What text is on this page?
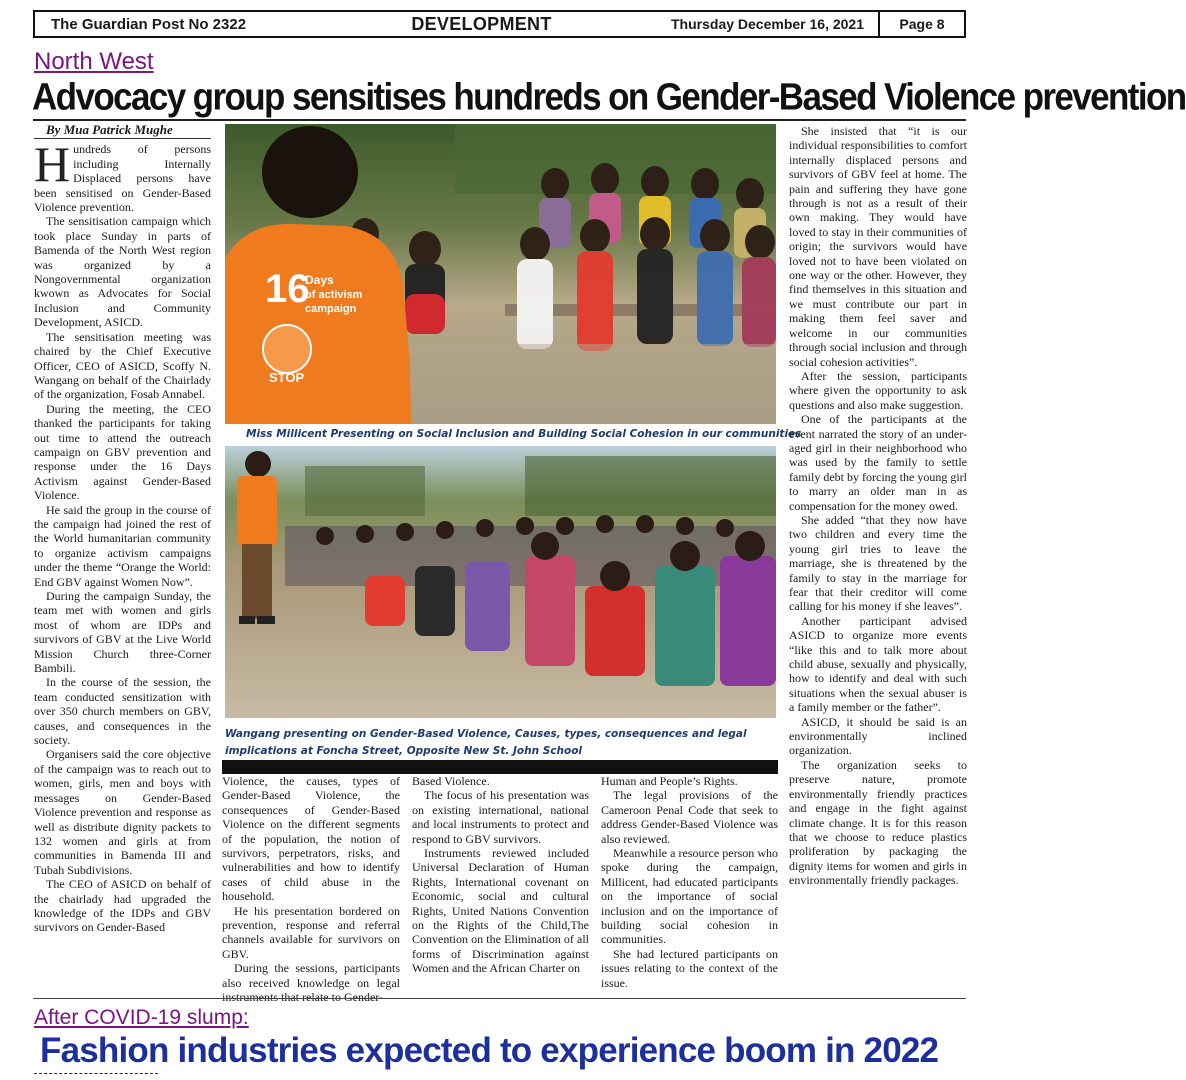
The Guardian Post No 2322	DEVELOPMENT	Thursday December 16, 2021	Page 8
North West
Advocacy group sensitises hundreds on Gender-Based Violence prevention

By Mua Patrick Mughe

Hundreds of persons including Internally Displaced persons have been sensitised on Gender-Based Violence prevention.

The sensitisation campaign which took place Sunday in parts of Bamenda of the North West region was organized by a Nongovernmental organization kwown as Advocates for Social Inclusion and Community Development, ASICD.

The sensitisation meeting was chaired by the Chief Executive Officer, CEO of ASICD, Scoffy N. Wangang on behalf of the Chairlady of the organization, Fosab Annabel.

During the meeting, the CEO thanked the participants for taking out time to attend the outreach campaign on GBV prevention and response under the 16 Days Activism against Gender-Based Violence.

He said the group in the course of the campaign had joined the rest of the World humanitarian community to organize activism campaigns under the theme “Orange the World: End GBV against Women Now”.

During the campaign Sunday, the team met with women and girls most of whom are IDPs and survivors of GBV at the Live World Mission Church three-Corner Bambili.

In the course of the session, the team conducted sensitization with over 350 church members on GBV, causes, and consequences in the society.

Organisers said the core objective of the campaign was to reach out to women, girls, men and boys with messages on Gender-Based Violence prevention and response as well as distribute dignity packets to 132 women and girls at from communities in Bamenda III and Tubah Subdivisions.

The CEO of ASICD on behalf of the chairlady had upgraded the knowledge of the IDPs and GBV survivors on Gender-Based

16
Days
of activism
campaign
STOP
Miss Millicent Presenting on Social Inclusion and Building Social Cohesion in our communities
Wangang presenting on Gender-Based Violence, Causes, types, consequences and legal
implications at Foncha Street, Opposite New St. John School

Violence, the causes, types of Gender-Based Violence, the consequences of Gender-Based Violence on the different segments of the population, the notion of survivors, perpetrators, risks, and vulnerabilities and how to identify cases of child abuse in the household.

He his presentation bordered on prevention, response and referral channels available for survivors on GBV.

During the sessions, participants also received knowledge on legal

Based Violence.

The focus of his presentation was on existing international, national and local instruments to protect and respond to GBV survivors.

Instruments reviewed included Universal Declaration of Human Rights, International covenant on Economic, social and cultural Rights, United Nations Convention on the Rights of the Child,The Convention on the Elimination of all forms of Discrimination against Women and the African Charter on

Human and People’s Rights.

The legal provisions of the Cameroon Penal Code that seek to address Gender-Based Violence was also reviewed.

Meanwhile a resource person who spoke during the campaign, Millicent, had educated participants on the importance of social inclusion and on the importance of building social cohesion in communities.

She had lectured participants on issues relating to the context of the issue.

She insisted that “it is our individual responsibilities to comfort internally displaced persons and survivors of GBV feel at home. The pain and suffering they have gone through is not as a result of their own making. They would have loved to stay in their communities of origin; the survivors would have loved not to have been violated on one way or the other. However, they find themselves in this situation and we must contribute our part in making them feel saver and welcome in our communities through social inclusion and through social cohesion activities”.

After the session, participants where given the opportunity to ask questions and also make suggestion.

One of the participants at the event narrated the story of an under-aged girl in their neighborhood who was used by the family to settle family debt by forcing the young girl to marry an older man in as compensation for the money owed.

She added “that they now have two children and every time the young girl tries to leave the marriage, she is threatened by the family to stay in the marriage for fear that their creditor will come calling for his money if she leaves”.

Another participant advised ASICD to organize more events “like this and to talk more about child abuse, sexually and physically, how to identify and deal with such situations when the sexual abuser is a family member or the father”.

ASICD, it should be said is an environmentally inclined organization.

The organization seeks to preserve nature, promote environmentally friendly practices and engage in the fight against climate change. It is for this reason that we choose to reduce plastics proliferation by packaging the dignity items for women and girls in environmentally friendly packages.

After COVID-19 slump:
Fashion industries expected to experience boom in 2022
